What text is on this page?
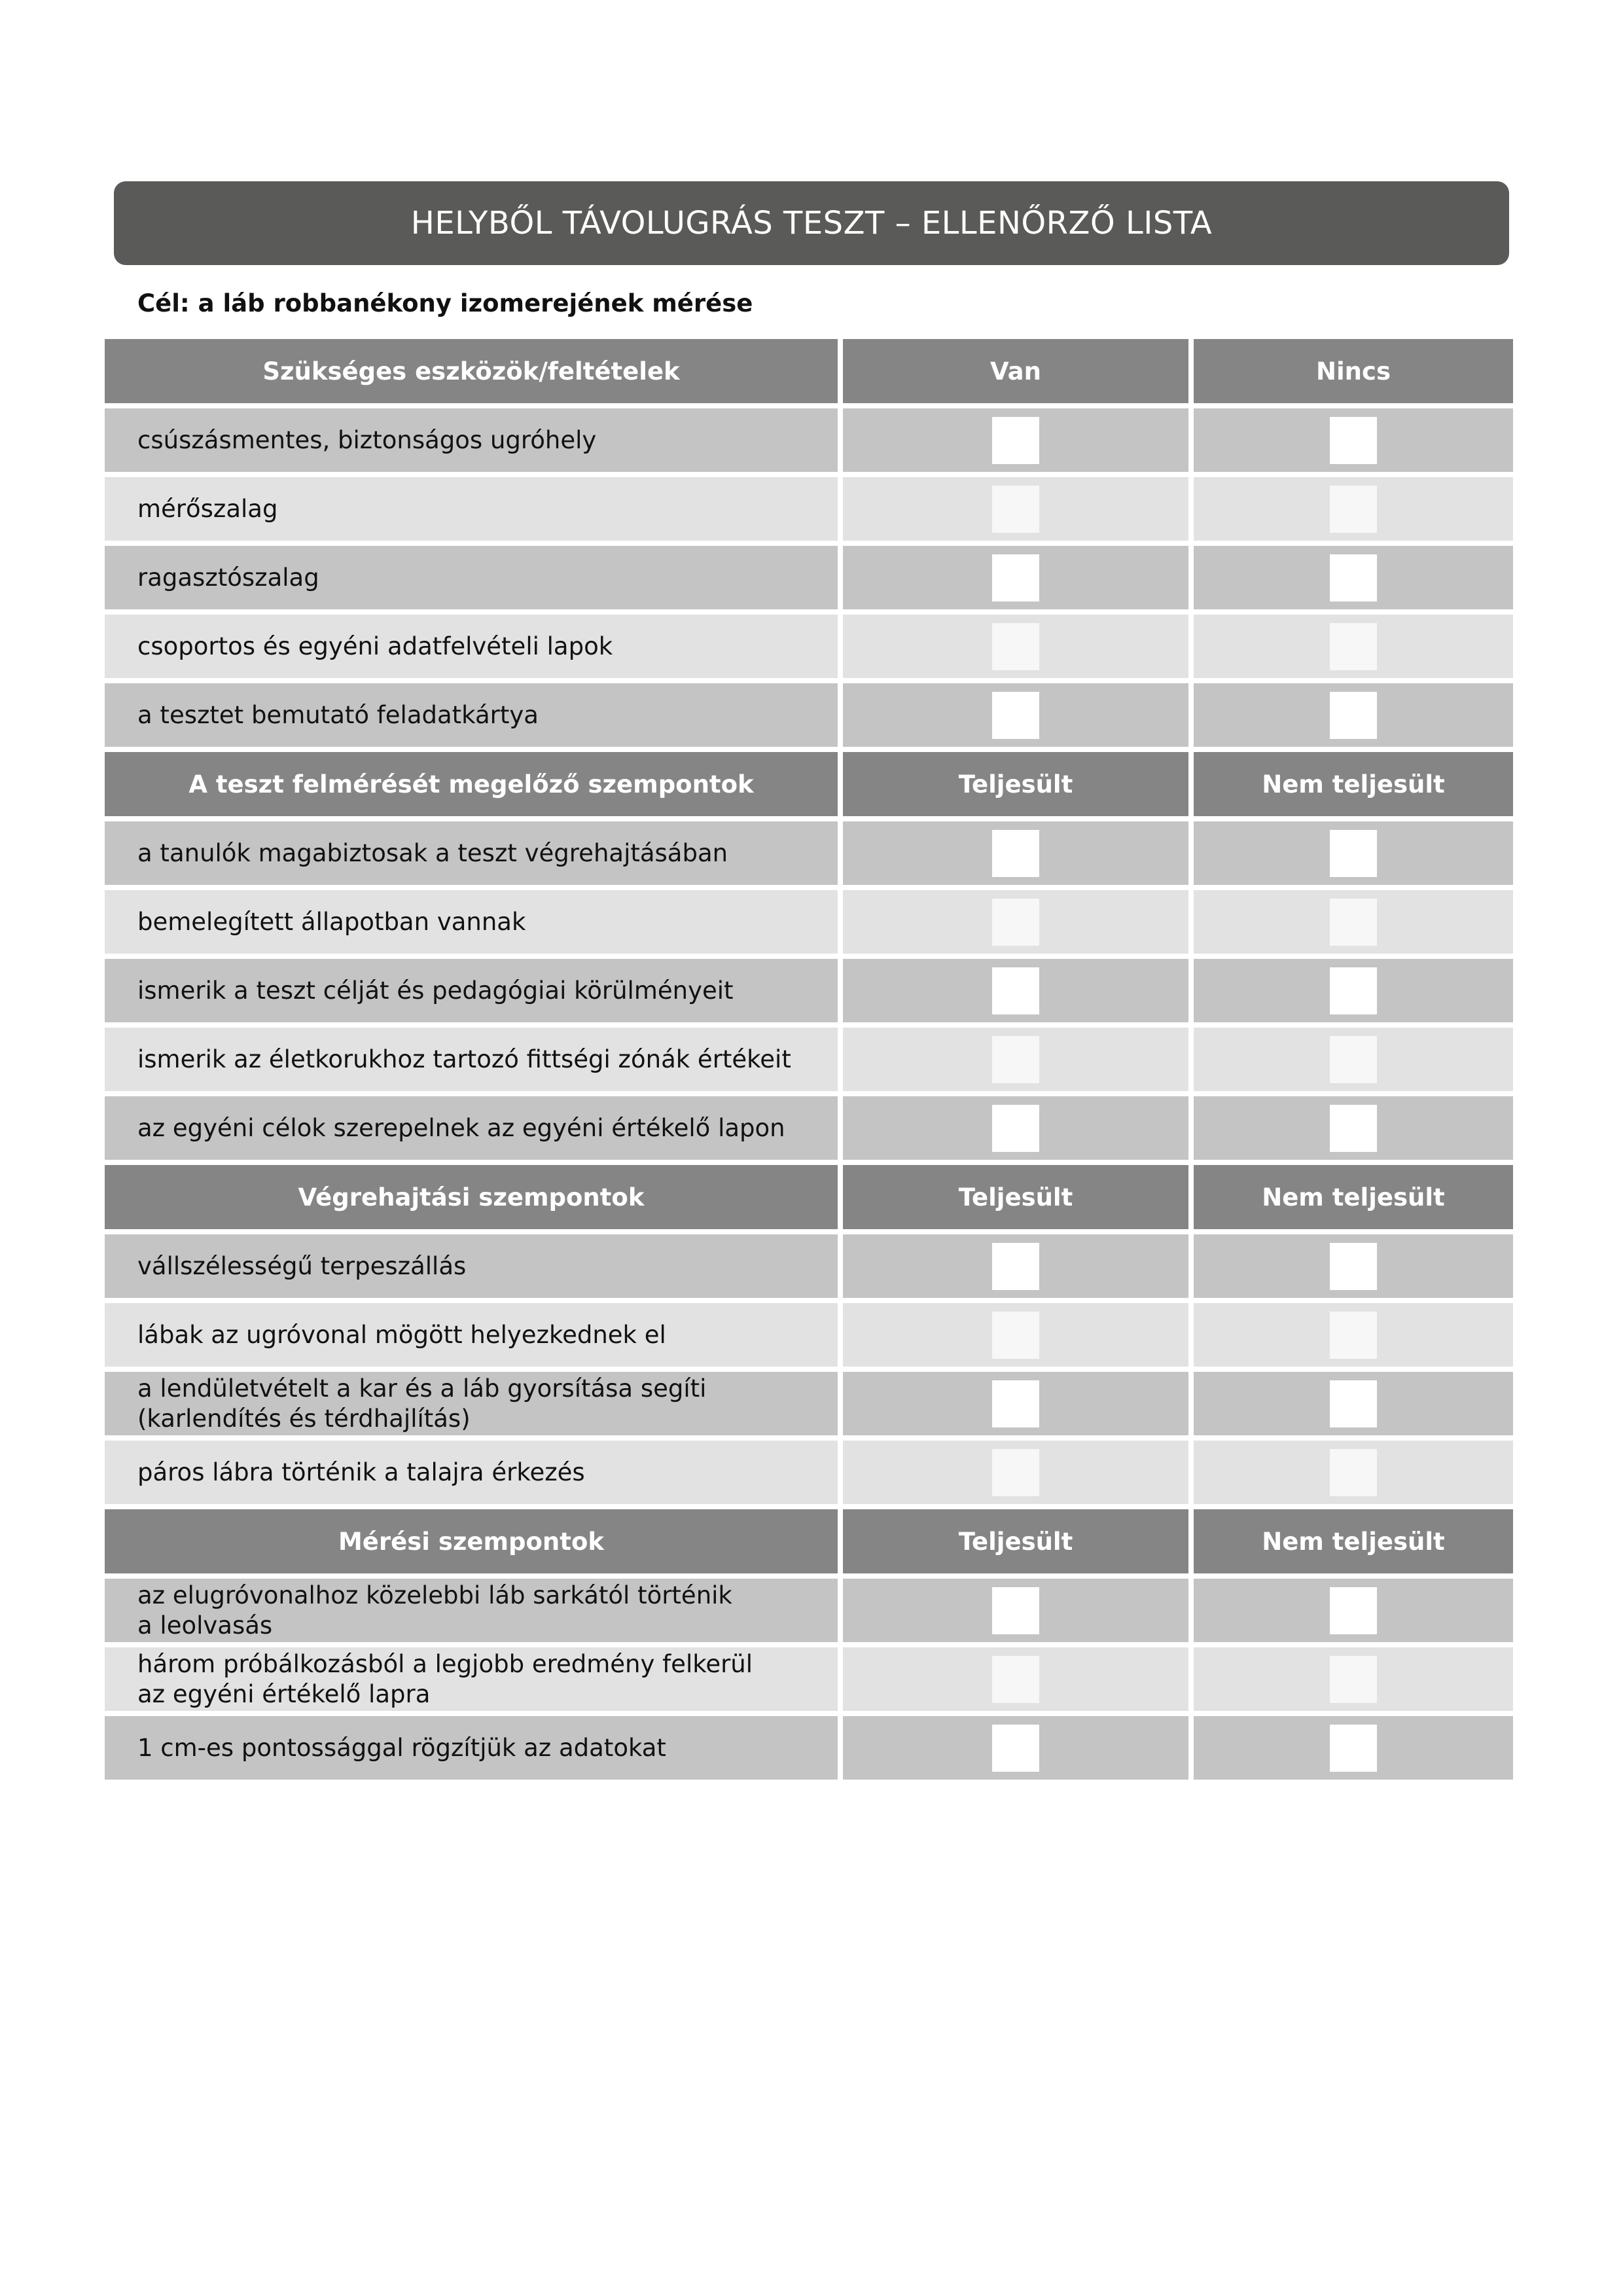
HELYBŐL TÁVOLUGRÁS TESZT – ELLENŐRZŐ LISTA
Cél: a láb robbanékony izomerejének mérése
Szükséges eszközök/feltételek	Van	Nincs
csúszásmentes, biztonságos ugróhely
mérőszalag
ragasztószalag
csoportos és egyéni adatfelvételi lapok
a tesztet bemutató feladatkártya
A teszt felmérését megelőző szempontok	Teljesült	Nem teljesült
a tanulók magabiztosak a teszt végrehajtásában
bemelegített állapotban vannak
ismerik a teszt célját és pedagógiai körülményeit
ismerik az életkorukhoz tartozó fittségi zónák értékeit
az egyéni célok szerepelnek az egyéni értékelő lapon
Végrehajtási szempontok	Teljesült	Nem teljesült
vállszélességű terpeszállás
lábak az ugróvonal mögött helyezkednek el
a lendületvételt a kar és a láb gyorsítása segíti
(karlendítés és térdhajlítás)
páros lábra történik a talajra érkezés
Mérési szempontok	Teljesült	Nem teljesült
az elugróvonalhoz közelebbi láb sarkától történik
a leolvasás
három próbálkozásból a legjobb eredmény felkerül
az egyéni értékelő lapra
1 cm-es pontossággal rögzítjük az adatokat
